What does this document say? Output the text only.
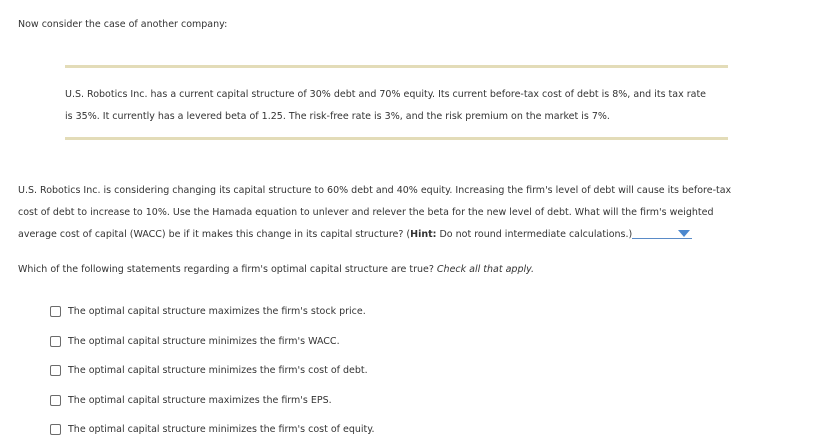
Now consider the case of another company:
U.S. Robotics Inc. has a current capital structure of 30% debt and 70% equity. Its current before-tax cost of debt is 8%, and its tax rate
is 35%. It currently has a levered beta of 1.25. The risk-free rate is 3%, and the risk premium on the market is 7%.
U.S. Robotics Inc. is considering changing its capital structure to 60% debt and 40% equity. Increasing the firm's level of debt will cause its before-tax
cost of debt to increase to 10%. Use the Hamada equation to unlever and relever the beta for the new level of debt. What will the firm's weighted
average cost of capital (WACC) be if it makes this change in its capital structure? (Hint: Do not round intermediate calculations.)
Which of the following statements regarding a firm's optimal capital structure are true? Check all that apply.
The optimal capital structure maximizes the firm's stock price.
The optimal capital structure minimizes the firm's WACC.
The optimal capital structure minimizes the firm's cost of debt.
The optimal capital structure maximizes the firm's EPS.
The optimal capital structure minimizes the firm's cost of equity.
